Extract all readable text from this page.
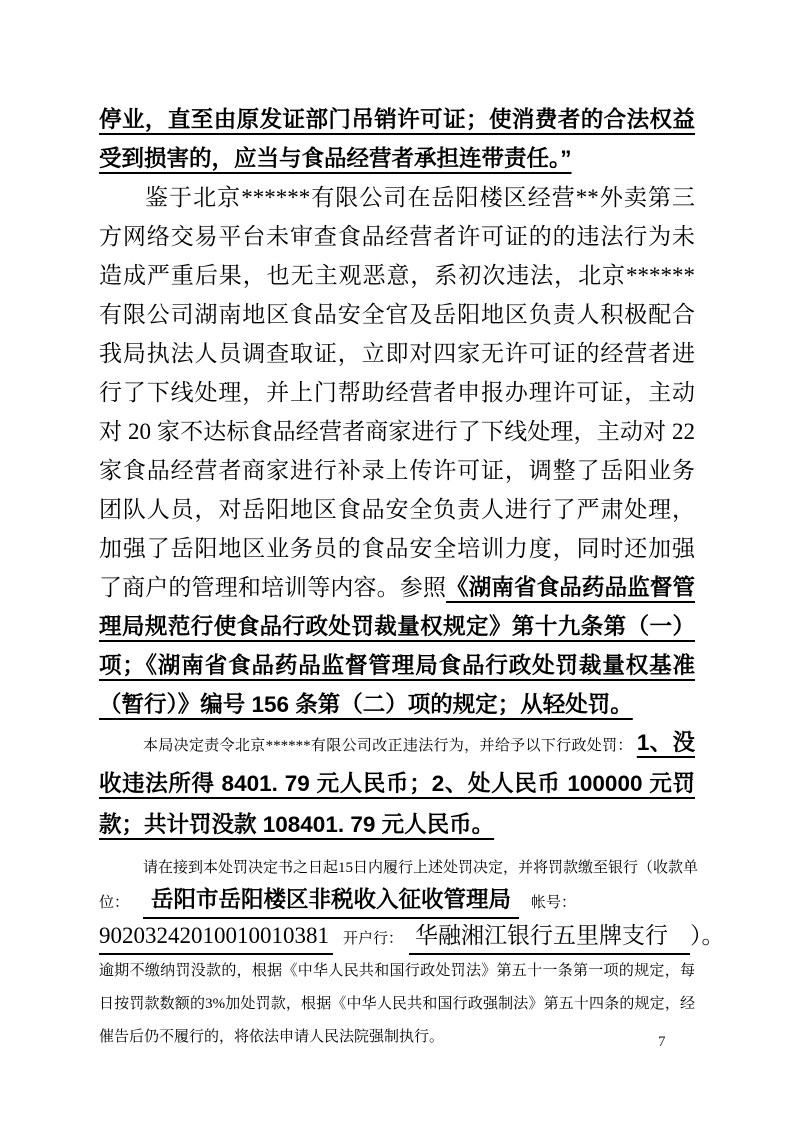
停业，直至由原发证部门吊销许可证；使消费者的合法权益受到损害的，应当与食品经营者承担连带责任。”

鉴于北京******有限公司在岳阳楼区经营**外卖第三方网络交易平台未审查食品经营者许可证的的违法行为未造成严重后果，也无主观恶意，系初次违法，北京******有限公司湖南地区食品安全官及岳阳地区负责人积极配合我局执法人员调查取证，立即对四家无许可证的经营者进行了下线处理，并上门帮助经营者申报办理许可证，主动对 20 家不达标食品经营者商家进行了下线处理，主动对 22 家食品经营者商家进行补录上传许可证，调整了岳阳业务团队人员，对岳阳地区食品安全负责人进行了严肃处理，加强了岳阳地区业务员的食品安全培训力度，同时还加强了商户的管理和培训等内容。参照《湖南省食品药品监督管理局规范行使食品行政处罚裁量权规定》第十九条第（一）项；《湖南省食品药品监督管理局食品行政处罚裁量权基准（暂行）》编号 156 条第（二）项的规定；从轻处罚。

本局决定责令北京******有限公司改正违法行为，并给予以下行政处罚： 1、没收违法所得 8401. 79 元人民币；2、处人民币 100000 元罚款；共计罚没款 108401. 79 元人民币。

请在接到本处罚决定书之日起15日内履行上述处罚决定，并将罚款缴至银行（收款单
位： 岳阳市岳阳楼区非税收入征收管理局 帐号：
90203242010010010381 开户行： 华融湘江银行五里牌支行 ）。

逾期不缴纳罚没款的，根据《中华人民共和国行政处罚法》第五十一条第一项的规定，每日按罚款数额的3%加处罚款，根据《中华人民共和国行政强制法》第五十四条的规定，经催告后仍不履行的，将依法申请人民法院强制执行。	7
